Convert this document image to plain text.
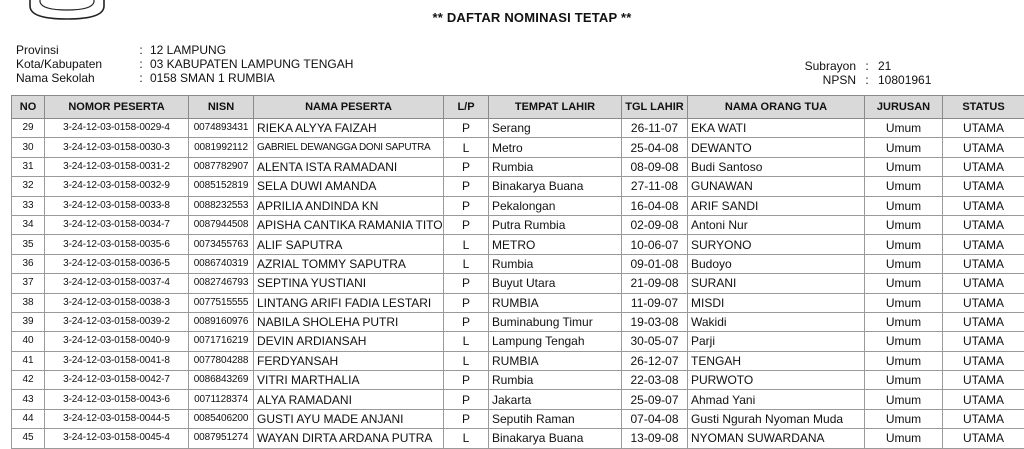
** DAFTAR NOMINASI TETAP **
Provinsi	: 12 LAMPUNG
Kota/Kabupaten	: 03 KABUPATEN LAMPUNG TENGAH
Nama Sekolah	: 0158 SMAN 1 RUMBIA
Subrayon : 21
NPSN : 10801961
NO	NOMOR PESERTA	NISN	NAMA PESERTA	L/P	TEMPAT LAHIR	TGL LAHIR	NAMA ORANG TUA	JURUSAN	STATUS
29	3-24-12-03-0158-0029-4	0074893431	RIEKA ALYYA FAIZAH	P	Serang	26-11-07	EKA WATI	Umum	UTAMA
30	3-24-12-03-0158-0030-3	0081992112	GABRIEL DEWANGGA DONI SAPUTRA	L	Metro	25-04-08	DEWANTO	Umum	UTAMA
31	3-24-12-03-0158-0031-2	0087782907	ALENTA ISTA RAMADANI	P	Rumbia	08-09-08	Budi Santoso	Umum	UTAMA
32	3-24-12-03-0158-0032-9	0085152819	SELA DUWI AMANDA	P	Binakarya Buana	27-11-08	GUNAWAN	Umum	UTAMA
33	3-24-12-03-0158-0033-8	0088232553	APRILIA ANDINDA KN	P	Pekalongan	16-04-08	ARIF SANDI	Umum	UTAMA
34	3-24-12-03-0158-0034-7	0087944508	APISHA CANTIKA RAMANIA TITO	P	Putra Rumbia	02-09-08	Antoni Nur	Umum	UTAMA
35	3-24-12-03-0158-0035-6	0073455763	ALIF SAPUTRA	L	METRO	10-06-07	SURYONO	Umum	UTAMA
36	3-24-12-03-0158-0036-5	0086740319	AZRIAL TOMMY SAPUTRA	L	Rumbia	09-01-08	Budoyo	Umum	UTAMA
37	3-24-12-03-0158-0037-4	0082746793	SEPTINA YUSTIANI	P	Buyut Utara	21-09-08	SURANI	Umum	UTAMA
38	3-24-12-03-0158-0038-3	0077515555	LINTANG ARIFI FADIA LESTARI	P	RUMBIA	11-09-07	MISDI	Umum	UTAMA
39	3-24-12-03-0158-0039-2	0089160976	NABILA SHOLEHA PUTRI	P	Buminabung Timur	19-03-08	Wakidi	Umum	UTAMA
40	3-24-12-03-0158-0040-9	0071716219	DEVIN ARDIANSAH	L	Lampung Tengah	30-05-07	Parji	Umum	UTAMA
41	3-24-12-03-0158-0041-8	0077804288	FERDYANSAH	L	RUMBIA	26-12-07	TENGAH	Umum	UTAMA
42	3-24-12-03-0158-0042-7	0086843269	VITRI MARTHALIA	P	Rumbia	22-03-08	PURWOTO	Umum	UTAMA
43	3-24-12-03-0158-0043-6	0071128374	ALYA RAMADANI	P	Jakarta	25-09-07	Ahmad Yani	Umum	UTAMA
44	3-24-12-03-0158-0044-5	0085406200	GUSTI AYU MADE ANJANI	P	Seputih Raman	07-04-08	Gusti Ngurah Nyoman Muda	Umum	UTAMA
45	3-24-12-03-0158-0045-4	0087951274	WAYAN DIRTA ARDANA PUTRA	L	Binakarya Buana	13-09-08	NYOMAN SUWARDANA	Umum	UTAMA
